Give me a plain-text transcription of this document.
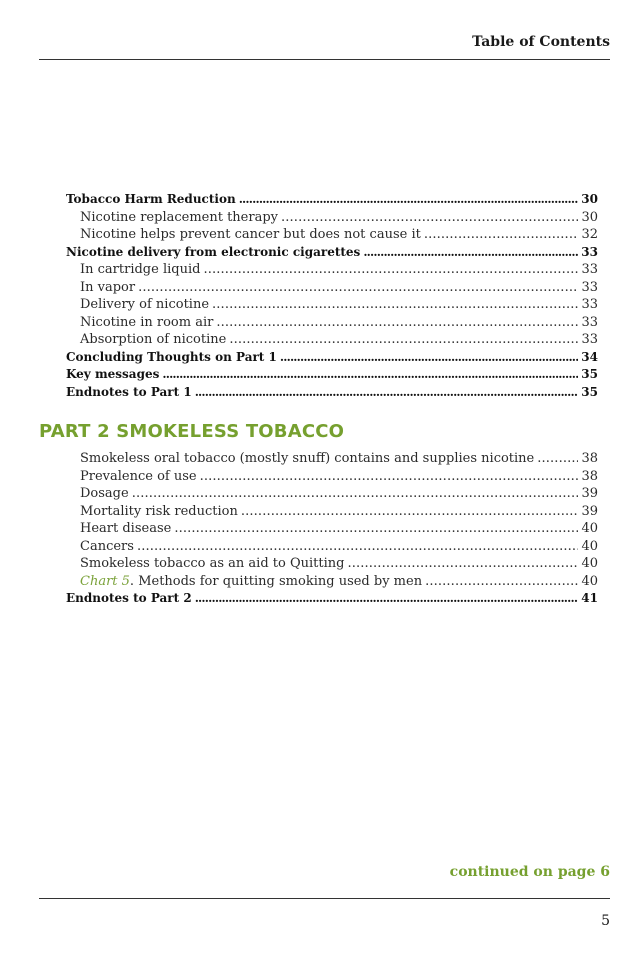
Table of Contents
Tobacco Harm Reduction . . .	30
Nicotine replacement therapy . . .	30
Nicotine helps prevent cancer but does not cause it . . .	32
Nicotine delivery from electronic cigarettes . . .	33
In cartridge liquid . . .	33
In vapor . . .	33
Delivery of nicotine . . .	33
Nicotine in room air . . .	33
Absorption of nicotine . . .	33
Concluding Thoughts on Part 1 . . .	34
Key messages . . .	35
Endnotes to Part 1 . . .	35
PART 2 SMOKELESS TOBACCO
Smokeless oral tobacco (mostly snuff) contains and supplies nicotine . . .	38
Prevalence of use . . .	38
Dosage . . .	39
Mortality risk reduction . . .	39
Heart disease . . .	40
Cancers . . .	40
Smokeless tobacco as an aid to Quitting . . .	40
Chart 5 . Methods for quitting smoking used by men . . .	40
Endnotes to Part 2 . . .	41
continued on page 6
5
